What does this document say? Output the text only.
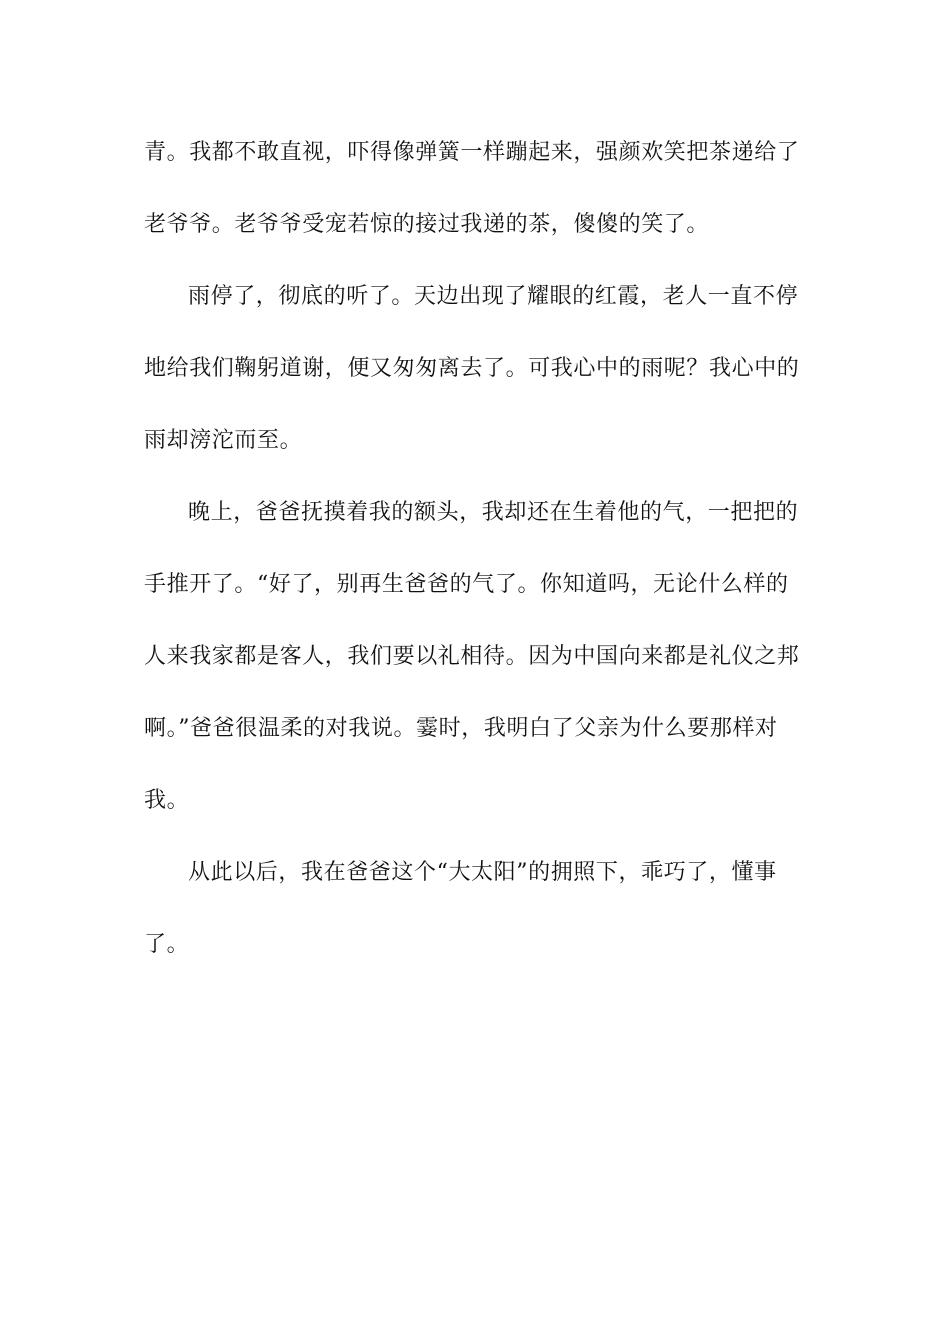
青。我都不敢直视，吓得像弹簧一样蹦起来，强颜欢笑把茶递给了
老爷爷。老爷爷受宠若惊的接过我递的茶，傻傻的笑了。
雨停了，彻底的听了。天边出现了耀眼的红霞，老人一直不停
地给我们鞠躬道谢，便又匆匆离去了。可我心中的雨呢？我心中的
雨却滂沱而至。
晚上，爸爸抚摸着我的额头，我却还在生着他的气，一把把的
手推开了。“好了，别再生爸爸的气了。你知道吗，无论什么样的
人来我家都是客人，我们要以礼相待。因为中国向来都是礼仪之邦
啊。”爸爸很温柔的对我说。霎时，我明白了父亲为什么要那样对
我。
从此以后，我在爸爸这个“大太阳”的拥照下，乖巧了，懂事
了。
